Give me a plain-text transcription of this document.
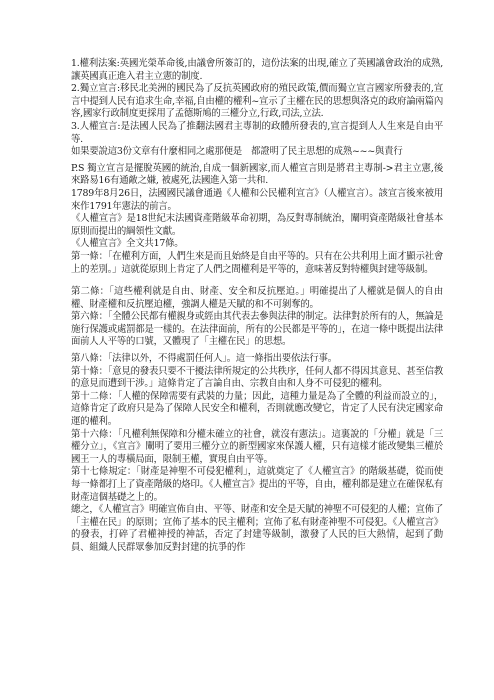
1.權利法案:英國光榮革命後,由議會所簽訂的，這份法案的出現,確立了英國議會政治的成熟,讓英國真正進入君主立憲的制度.

2.獨立宣言:移民北美洲的國民為了反抗英國政府的殖民政策,價而獨立宣言國家所發表的,宣言中提到人民有追求生命,幸福,自由權的權利~宣示了主權在民的思想與洛克的政府論兩篇內容,國家行政制度更採用了孟德斯鳩的三權分立,行政,司法,立法.

3.人權宣言:是法國人民為了推翻法國君主專制的政體所發表的,宣言提到人人生來是自由平等.

如果要說這3份文章有什麼相同之處那便是　都證明了民主思想的成熟~~~與責行

P.S 獨立宣言是擺脫英國的統治,自成一個新國家,而人權宣言則是將君主專制->君主立憲,後來路易16有通敵之嫌, 被處死,法國進入第一共和.

1789年8月26日，法國國民議會通過《人權和公民權利宣言》（人權宣言）。該宣言後來被用來作1791年憲法的前言。

《人權宣言》是18世紀末法國資產階級革命初期，為反對專制統治，闡明資產階級社會基本原則而提出的綱領性文獻。

《人權宣言》全文共17條。

第一條：「在權利方面，人們生來是而且始終是自由平等的。只有在公共利用上面才顯示社會上的差別。」這就從原則上肯定了人們之間權利是平等的，意味著反對特權與封建等級制。

第二條：「這些權利就是自由、財產、安全和反抗壓迫。」明確提出了人權就是個人的自由權、財產權和反抗壓迫權，強調人權是天賦的和不可剝奪的。

第六條：「全體公民都有權親身或經由其代表去參與法律的制定。法律對於所有的人，無論是施行保護或處罰都是一樣的。在法律面前，所有的公民都是平等的」，在這一條中既提出法律面前人人平等的口號，又體現了「主權在民」的思想。

第八條：「法律以外，不得處罰任何人」。這一條指出要依法行事。

第十條：「意見的發表只要不干擾法律所規定的公共秩序，任何人都不得因其意見、甚至信教的意見而遭到干涉。」這條肯定了言論自由、宗教自由和人身不可侵犯的權利。

第十二條：「人權的保障需要有武裝的力量；因此，這種力量是為了全體的利益而設立的」，這條肯定了政府只是為了保障人民安全和權利，否則就應改變它，肯定了人民有決定國家命運的權利。

第十六條：「凡權利無保障和分權未確立的社會，就沒有憲法」。這裏說的「分權」就是「三權分立」，《宣言》闡明了要用三權分立的新型國家來保護人權，只有這樣才能改變集三權於國王一人的專橫局面，限制王權，實現自由平等。

第十七條規定：「財產是神聖不可侵犯權利」，這就奠定了《人權宣言》的階級基礎，從而使每一條都打上了資產階級的烙印。《人權宣言》提出的平等，自由，權利都是建立在確保私有財產這個基礎之上的。

總之，《人權宣言》明確宣佈自由、平等、財產和安全是天賦的神聖不可侵犯的人權；宣佈了「主權在民」的原則；宣佈了基本的民主權利；宣佈了私有財產神聖不可侵犯。《人權宣言》的發表，打碎了君權神授的神話，否定了封建等級制，激發了人民的巨大熱情，起到了動員、組織人民群眾參加反對封建的抗爭的作
